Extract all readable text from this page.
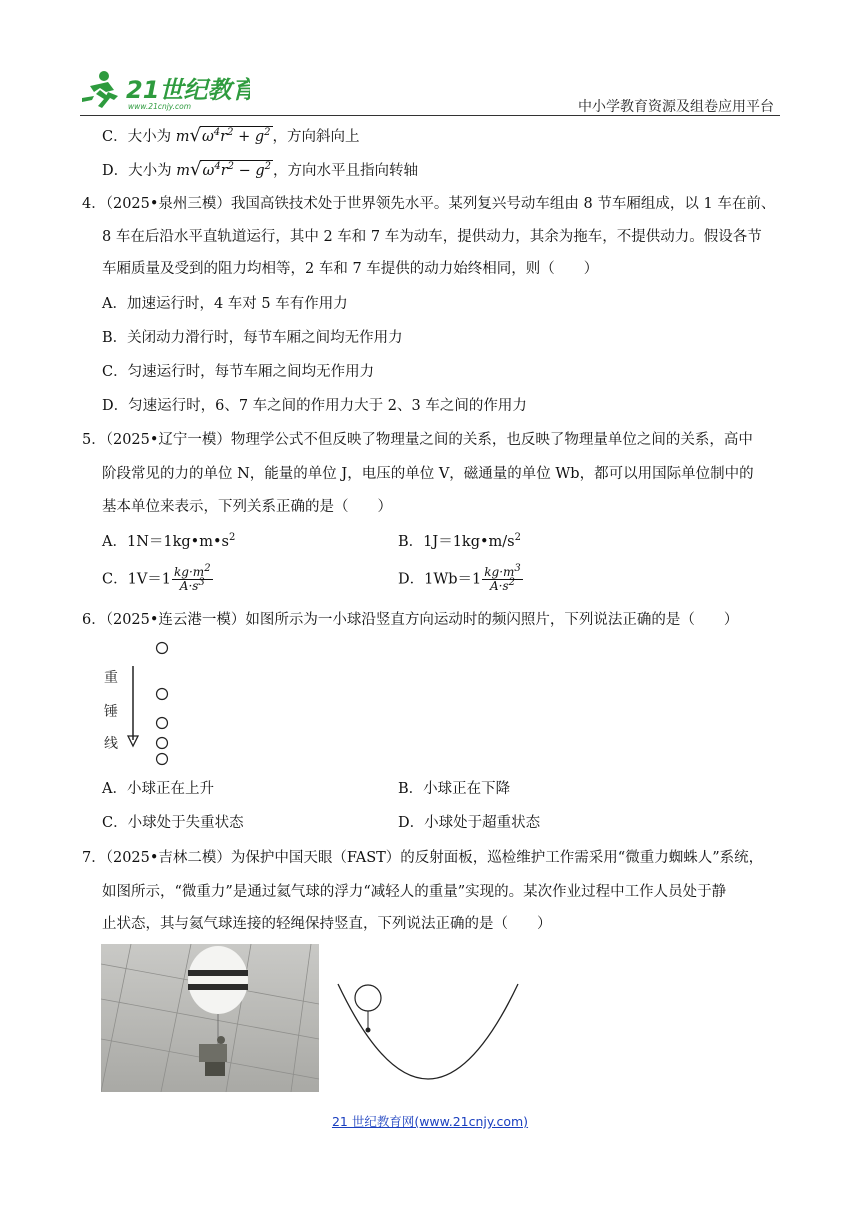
21世纪教育
www.21cnjy.com	中小学教育资源及组卷应用平台
C．大小为 $m√\omega^4r^2 + g^2$ ，方向斜向上
D．大小为 $m√\omega^4r^2 - g^2$ ，方向水平且指向转轴
4．（2025•泉州三模）我国高铁技术处于世界领先水平。某列复兴号动车组由 8 节车厢组成，以 1 车在前、
8 车在后沿水平直轨道运行，其中 2 车和 7 车为动车，提供动力，其余为拖车，不提供动力。假设各节
车厢质量及受到的阻力均相等，2 车和 7 车提供的动力始终相同，则（　　）
A．加速运行时，4 车对 5 车有作用力
B．关闭动力滑行时，每节车厢之间均无作用力
C．匀速运行时，每节车厢之间均无作用力
D．匀速运行时，6、7 车之间的作用力大于 2、3 车之间的作用力
5．（2025•辽宁一模）物理学公式不但反映了物理量之间的关系，也反映了物理量单位之间的关系，高中
阶段常见的力的单位 N，能量的单位 J，电压的单位 V，磁通量的单位 Wb，都可以用国际单位制中的
基本单位来表示，下列关系正确的是（　　）
A．$1N=1kg•m•s^2$	B．$1J=1kg•m/s^2$
C．$1V=1 \frac{kg\cdot m^2}{A\cdot s^3}$	D．$1Wb=1 \frac{kg\cdot m^3}{A\cdot s^2}$
6．（2025•连云港一模）如图所示为一小球沿竖直方向运动时的频闪照片，下列说法正确的是（　　）
重
锤
线
A．小球正在上升	B．小球正在下降
C．小球处于失重状态	D．小球处于超重状态
7．（2025•吉林二模）为保护中国天眼（FAST）的反射面板，巡检维护工作需采用“微重力蜘蛛人”系统，
如图所示，“微重力”是通过氦气球的浮力“减轻人的重量”实现的。某次作业过程中工作人员处于静
止状态，其与氦气球连接的轻绳保持竖直，下列说法正确的是（　　）
21 世纪教育网(www.21cnjy.com)
